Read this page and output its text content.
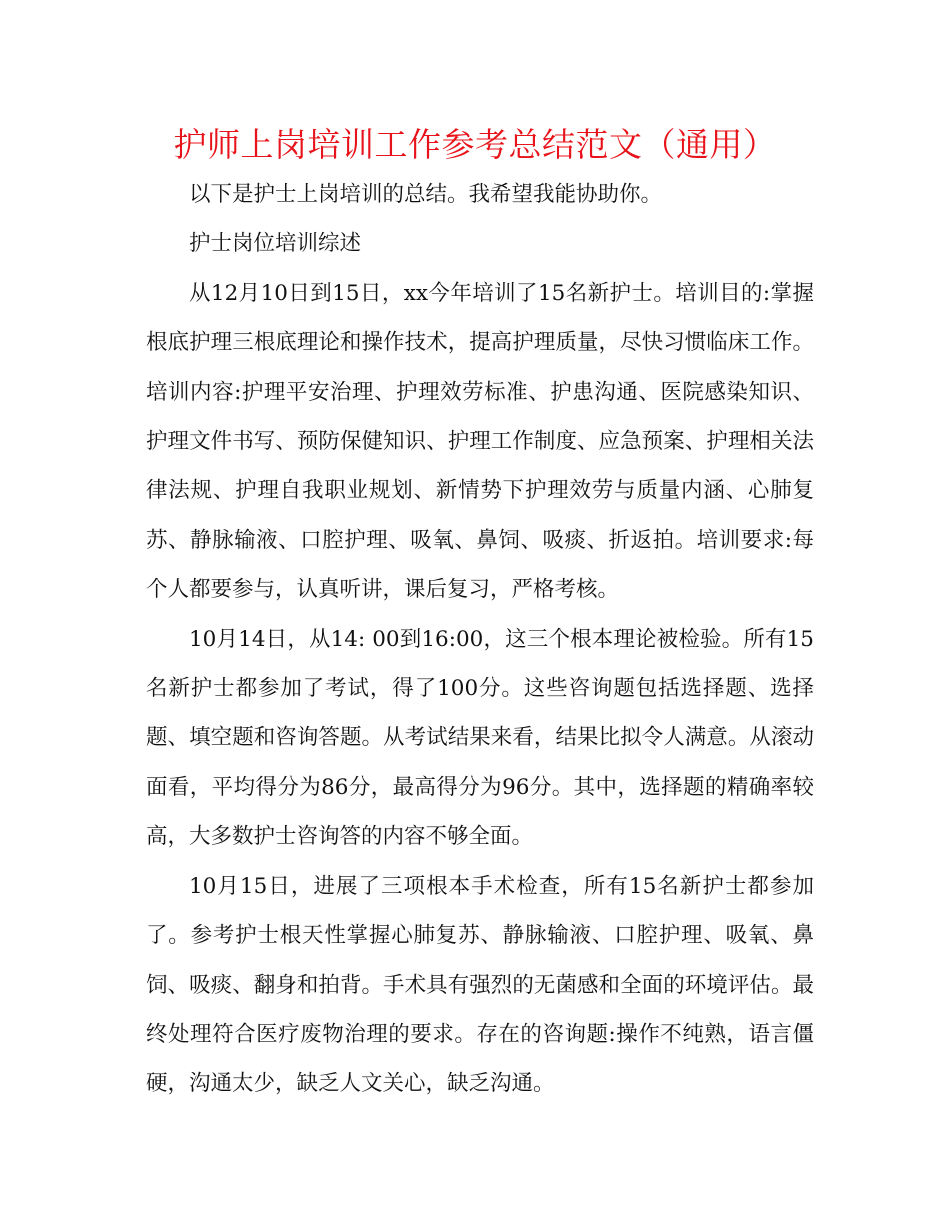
护师上岗培训工作参考总结范文（通用）

以下是护士上岗培训的总结。我希望我能协助你。

护士岗位培训综述

从12月10日到15日，xx今年培训了15名新护士。培训目的:掌握根底护理三根底理论和操作技术，提高护理质量，尽快习惯临床工作。培训内容:护理平安治理、护理效劳标准、护患沟通、医院感染知识、护理文件书写、预防保健知识、护理工作制度、应急预案、护理相关法律法规、护理自我职业规划、新情势下护理效劳与质量内涵、心肺复苏、静脉输液、口腔护理、吸氧、鼻饲、吸痰、折返拍。培训要求:每个人都要参与，认真听讲，课后复习，严格考核。

10月14日，从14: 00到16:00，这三个根本理论被检验。所有15名新护士都参加了考试，得了100分。这些咨询题包括选择题、选择题、填空题和咨询答题。从考试结果来看，结果比拟令人满意。从滚动面看，平均得分为86分，最高得分为96分。其中，选择题的精确率较高，大多数护士咨询答的内容不够全面。

10月15日，进展了三项根本手术检查，所有15名新护士都参加了。参考护士根天性掌握心肺复苏、静脉输液、口腔护理、吸氧、鼻饲、吸痰、翻身和拍背。手术具有强烈的无菌感和全面的环境评估。最终处理符合医疗废物治理的要求。存在的咨询题:操作不纯熟，语言僵硬，沟通太少，缺乏人文关心，缺乏沟通。
